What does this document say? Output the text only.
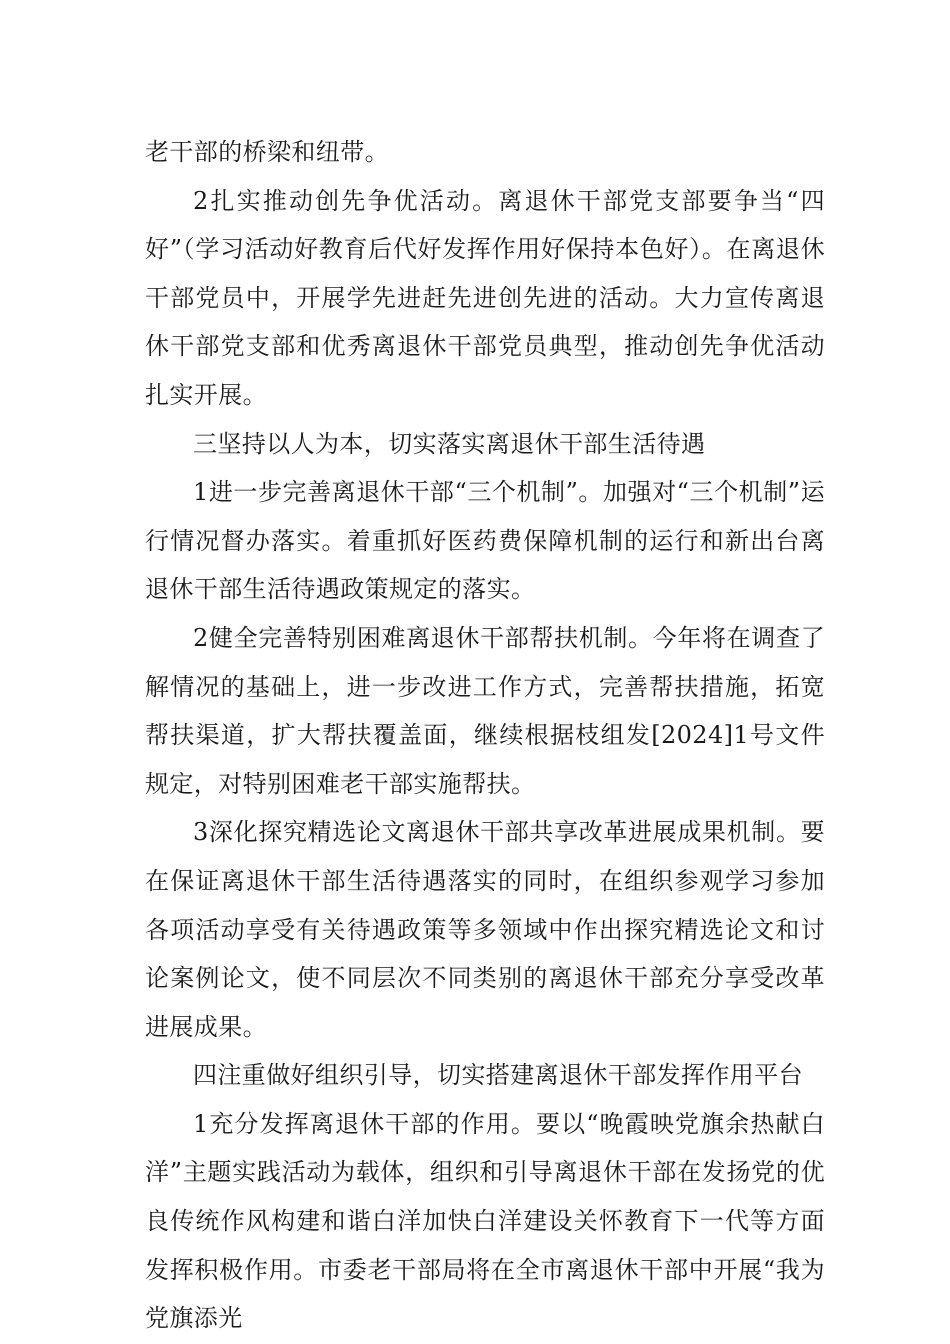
老干部的桥梁和纽带。

2扎实推动创先争优活动。离退休干部党支部要争当“四好”（学习活动好教育后代好发挥作用好保持本色好）。在离退休干部党员中，开展学先进赶先进创先进的活动。大力宣传离退休干部党支部和优秀离退休干部党员典型，推动创先争优活动扎实开展。

三坚持以人为本，切实落实离退休干部生活待遇

1进一步完善离退休干部“三个机制”。加强对“三个机制”运行情况督办落实。着重抓好医药费保障机制的运行和新出台离退休干部生活待遇政策规定的落实。

2健全完善特别困难离退休干部帮扶机制。今年将在调查了解情况的基础上，进一步改进工作方式，完善帮扶措施，拓宽帮扶渠道，扩大帮扶覆盖面，继续根据枝组发[2024]1号文件规定，对特别困难老干部实施帮扶。

3深化探究精选论文离退休干部共享改革进展成果机制。要在保证离退休干部生活待遇落实的同时，在组织参观学习参加各项活动享受有关待遇政策等多领域中作出探究精选论文和讨论案例论文，使不同层次不同类别的离退休干部充分享受改革进展成果。

四注重做好组织引导，切实搭建离退休干部发挥作用平台

1充分发挥离退休干部的作用。要以“晚霞映党旗余热献白洋”主题实践活动为载体，组织和引导离退休干部在发扬党的优良传统作风构建和谐白洋加快白洋建设关怀教育下一代等方面发挥积极作用。市委老干部局将在全市离退休干部中开展“我为党旗添光
